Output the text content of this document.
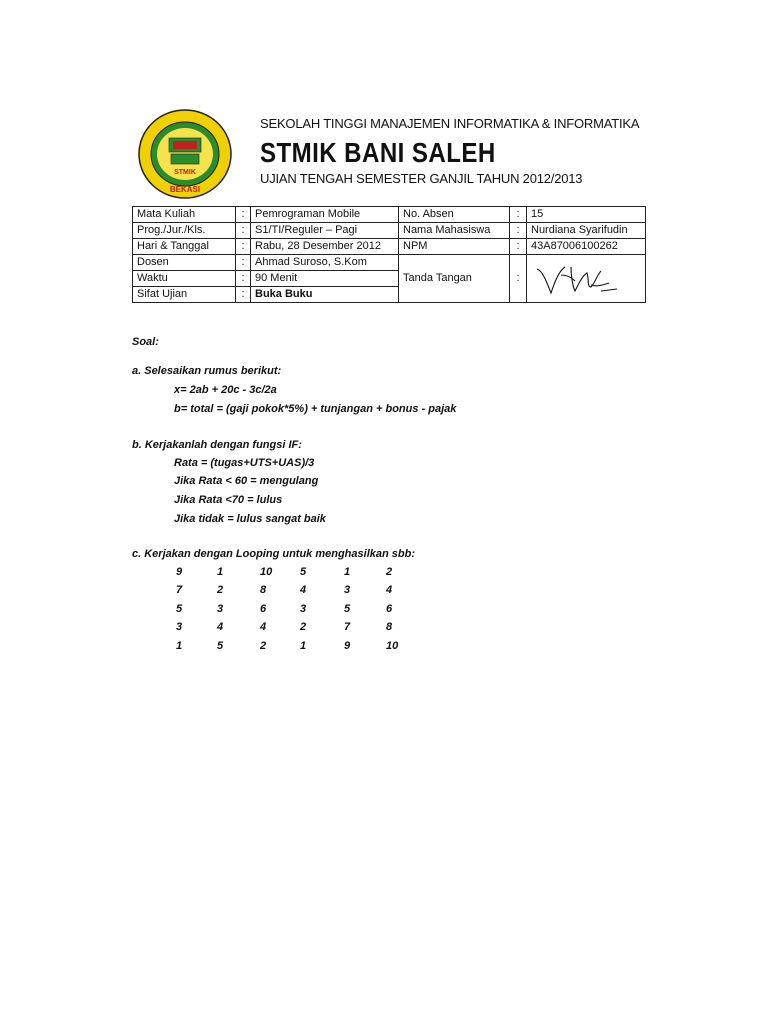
STMIK
BEKASI
SEKOLAH TINGGI MANAJEMEN INFORMATIKA & INFORMATIKA
STMIK BANI SALEH
UJIAN TENGAH SEMESTER GANJIL TAHUN 2012/2013
Mata Kuliah	:	Pemrograman Mobile	No. Absen	:	15
Prog./Jur./Kls.	:	S1/TI/Reguler – Pagi	Nama Mahasiswa	:	Nurdiana Syarifudin
Hari & Tanggal	:	Rabu, 28 Desember 2012	NPM	:	43A87006100262
Dosen	:	Ahmad Suroso, S.Kom	Tanda Tangan	:	

Waktu	:	90 Menit			
Sifat Ujian	:	Buka Buku			
Soal:
a. Selesaikan rumus berikut:
x= 2ab + 20c - 3c/2a
b= total = (gaji pokok*5%) + tunjangan + bonus - pajak
b. Kerjakanlah dengan fungsi IF:
Rata = (tugas+UTS+UAS)/3
Jika Rata < 60 = mengulang
Jika Rata <70 = lulus
Jika tidak = lulus sangat baik
c. Kerjakan dengan Looping untuk menghasilkan sbb:
9	1	10	5	1	2
7	2	8	4	3	4
5	3	6	3	5	6
3	4	4	2	7	8
1	5	2	1	9	10
